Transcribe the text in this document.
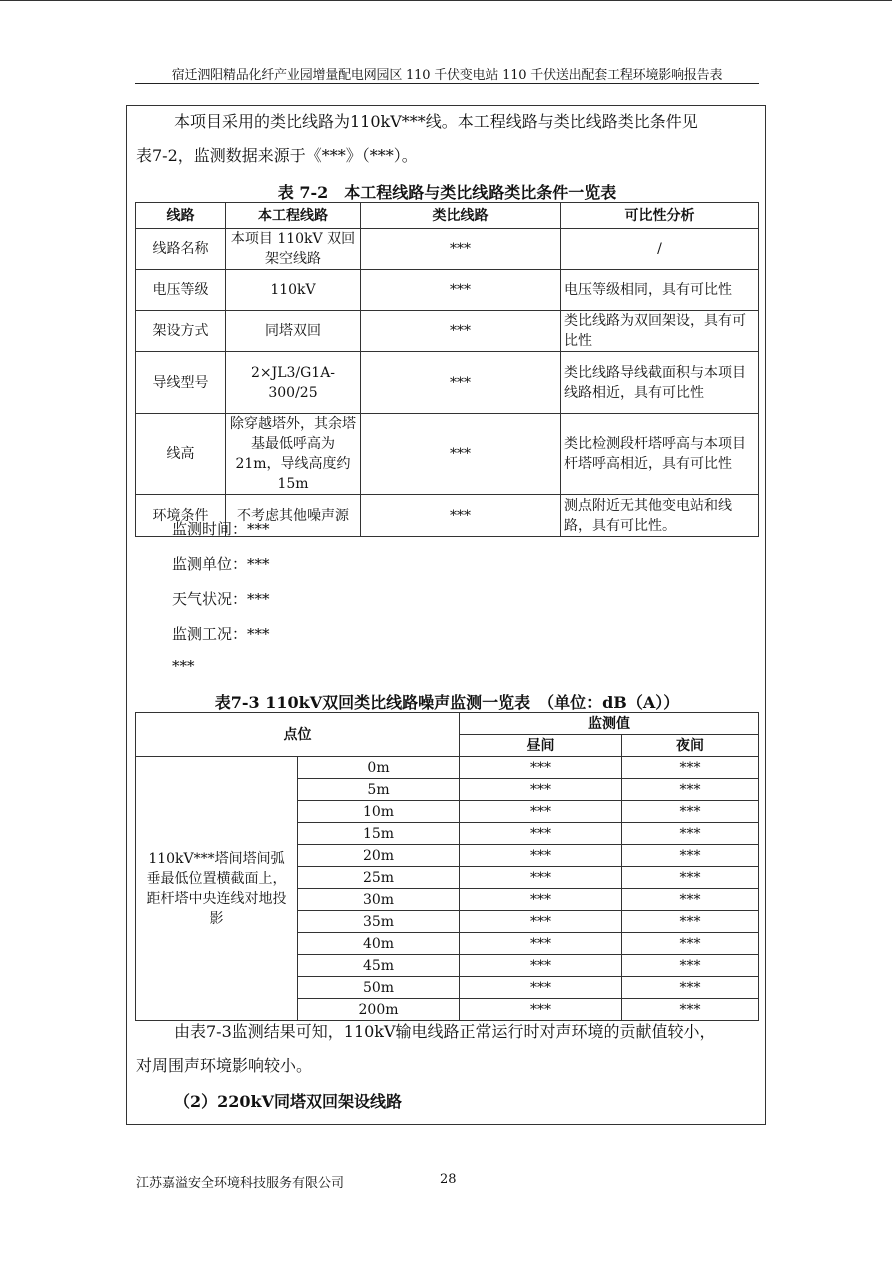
宿迁泗阳精品化纤产业园增量配电网园区 110 千伏变电站 110 千伏送出配套工程环境影响报告表
本项目采用的类比线路为110kV***线。本工程线路与类比线路类比条件见
表7-2，监测数据来源于《***》（***）。
表 7-2　本工程线路与类比线路类比条件一览表
线路	本工程线路	类比线路	可比性分析
线路名称	本项目 110kV 双回架空线路	***	/
电压等级	110kV	***	电压等级相同，具有可比性
架设方式	同塔双回	***	类比线路为双回架设，具有可比性
导线型号	2×JL3/G1A-300/25	***	类比线路导线截面积与本项目线路相近，具有可比性
线高	除穿越塔外，其余塔基最低呼高为 21m，导线高度约 15m	***	类比检测段杆塔呼高与本项目杆塔呼高相近，具有可比性
环境条件	不考虑其他噪声源	***	测点附近无其他变电站和线路，具有可比性。
监测时间：***
监测单位：***
天气状况：***
监测工况：***
***
表7-3 110kV双回类比线路噪声监测一览表　（单位：dB（A））
点位		监测值	
		昼间	夜间
110kV***塔间塔间弧垂最低位置横截面上，距杆塔中央连线对地投影	0m	***	***
	5m	***	***
	10m	***	***
	15m	***	***
	20m	***	***
	25m	***	***
	30m	***	***
	35m	***	***
	40m	***	***
	45m	***	***
	50m	***	***
	200m	***	***
由表7-3监测结果可知，110kV输电线路正常运行时对声环境的贡献值较小，
对周围声环境影响较小。
（2）220kV同塔双回架设线路
江苏嘉溢安全环境科技服务有限公司	28
